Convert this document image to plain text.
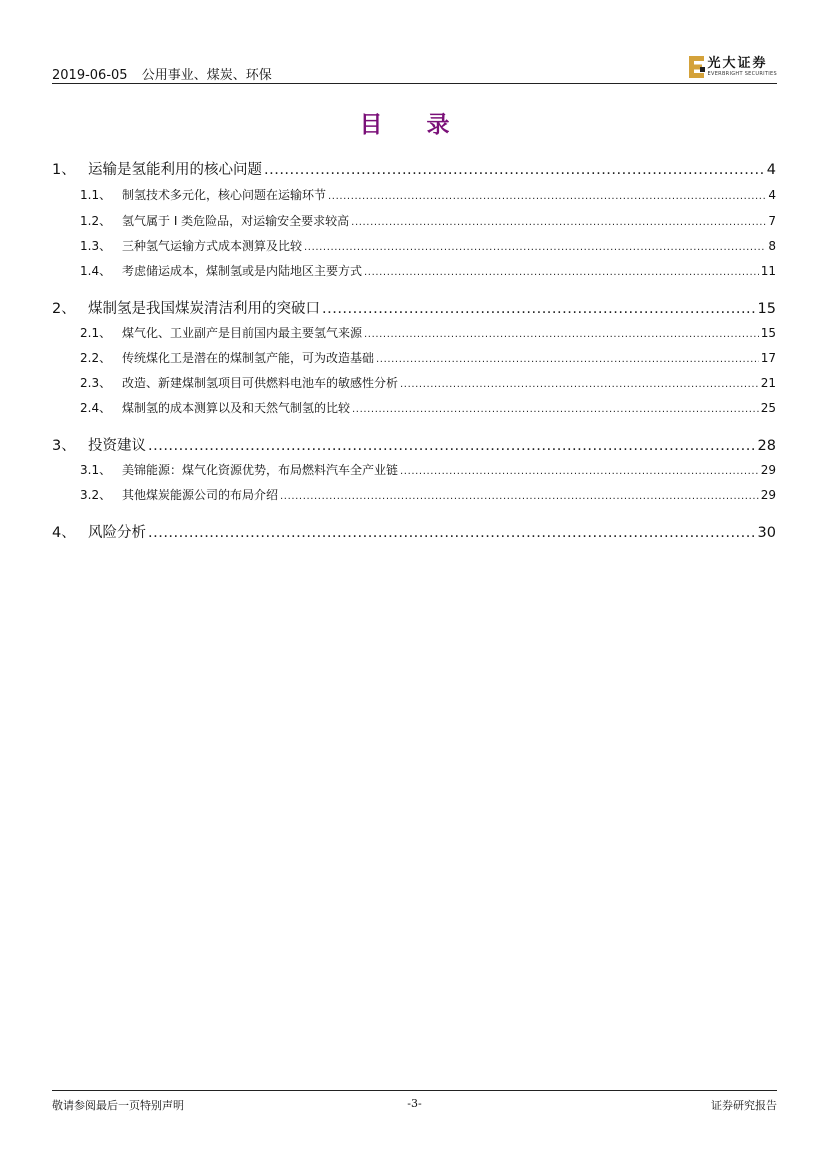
2019-06-05 公用事业、煤炭、环保
光大证券
EVERBRIGHT SECURITIES
目 录
1、 运输是氢能利用的核心问题 .....	4
1.1、 制氢技术多元化，核心问题在运输环节 .....	4
1.2、 氢气属于 I 类危险品，对运输安全要求较高 .....	7
1.3、 三种氢气运输方式成本测算及比较 .....	8
1.4、 考虑储运成本，煤制氢或是内陆地区主要方式 .....	11
2、 煤制氢是我国煤炭清洁利用的突破口 .....	15
2.1、 煤气化、工业副产是目前国内最主要氢气来源 .....	15
2.2、 传统煤化工是潜在的煤制氢产能，可为改造基础 .....	17
2.3、 改造、新建煤制氢项目可供燃料电池车的敏感性分析 .....	21
2.4、 煤制氢的成本测算以及和天然气制氢的比较 .....	25
3、 投资建议 .....	28
3.1、 美锦能源：煤气化资源优势，布局燃料汽车全产业链 .....	29
3.2、 其他煤炭能源公司的布局介绍 .....	29
4、 风险分析 .....	30
敬请参阅最后一页特别声明	-3-	证券研究报告
